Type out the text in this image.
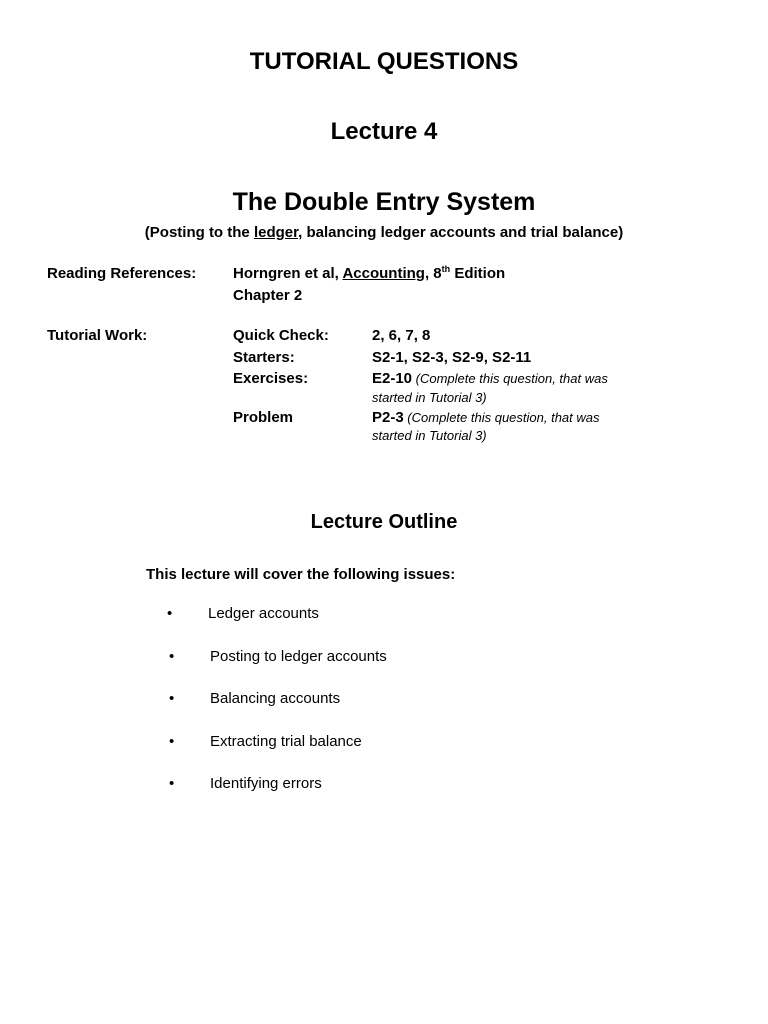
TUTORIAL QUESTIONS
Lecture 4
The Double Entry System
(Posting to the ledger, balancing ledger accounts and trial balance)
Reading References: Horngren et al, Accounting, 8th Edition
Chapter 2
Tutorial Work:	Quick Check:	2, 6, 7, 8
Starters:	S2-1, S2-3, S2-9, S2-11
Exercises:	E2-10 (Complete this question, that was
started in Tutorial 3)
Problem	P2-3 (Complete this question, that was
started in Tutorial 3)
Lecture Outline
This lecture will cover the following issues:
• Ledger accounts
• Posting to ledger accounts
• Balancing accounts
• Extracting trial balance
• Identifying errors
